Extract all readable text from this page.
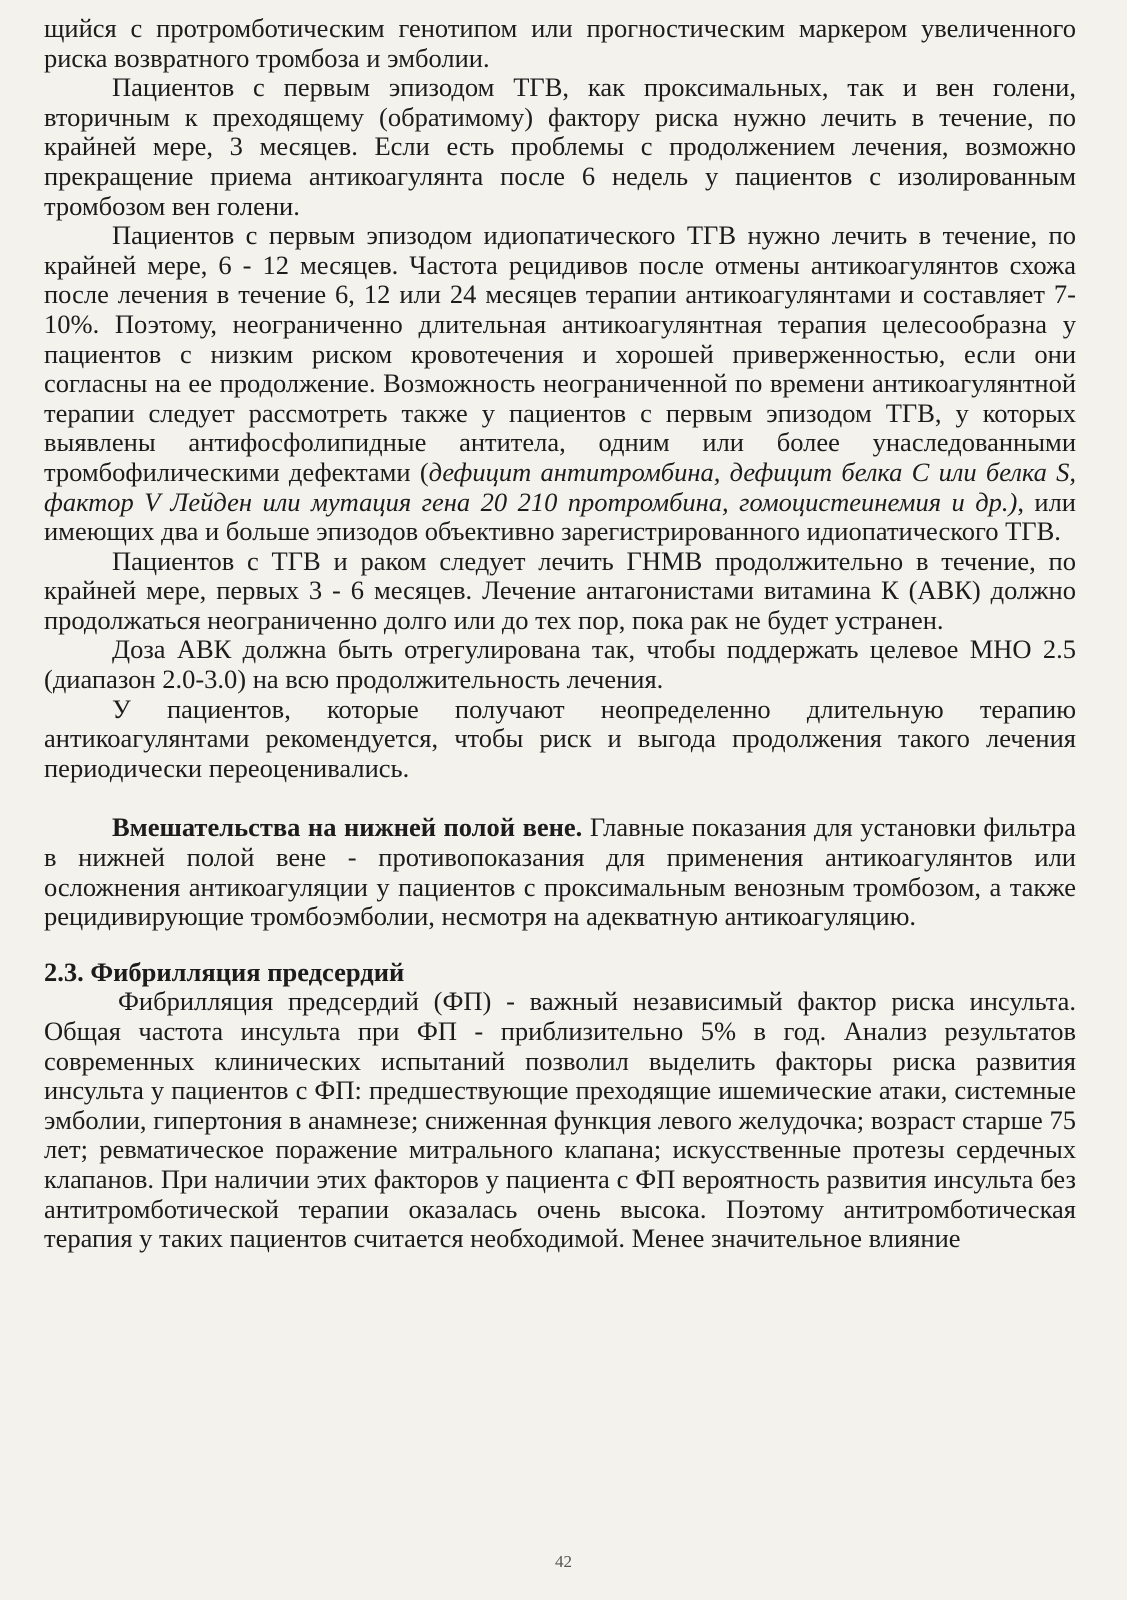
щийся с протромботическим генотипом или прогностическим маркером увеличенного риска возвратного тромбоза и эмболии.

Пациентов с первым эпизодом ТГВ, как проксимальных, так и вен голени, вторичным к преходящему (обратимому) фактору риска нужно лечить в течение, по крайней мере, 3 месяцев. Если есть проблемы с продолжением лечения, возможно прекращение приема антикоагулянта после 6 недель у пациентов с изолированным тромбозом вен голени.

Пациентов с первым эпизодом идиопатического ТГВ нужно лечить в течение, по крайней мере, 6 - 12 месяцев. Частота рецидивов после отмены антикоагулянтов схожа после лечения в течение 6, 12 или 24 месяцев терапии антикоагулянтами и составляет 7-10%. Поэтому, неограниченно длительная антикоагулянтная терапия целесообразна у пациентов с низким риском кровотечения и хорошей приверженностью, если они согласны на ее продолжение. Возможность неограниченной по времени антикоагулянтной терапии следует рассмотреть также у пациентов с первым эпизодом ТГВ, у которых выявлены антифосфолипидные антитела, одним или более унаследованными тромбофилическими дефектами (дефицит антитромбина, дефицит белка C или белка S, фактор V Лейден или мутация гена 20 210 протромбина, гомоцистеинемия и др.), или имеющих два и больше эпизодов объективно зарегистрированного идиопатического ТГВ.

Пациентов с ТГВ и раком следует лечить ГНМВ продолжительно в течение, по крайней мере, первых 3 - 6 месяцев. Лечение антагонистами витамина К (АВК) должно продолжаться неограниченно долго или до тех пор, пока рак не будет устранен.

Доза АВК должна быть отрегулирована так, чтобы поддержать целевое МНО 2.5 (диапазон 2.0-3.0) на всю продолжительность лечения.

У пациентов, которые получают неопределенно длительную терапию антикоагулянтами рекомендуется, чтобы риск и выгода продолжения такого лечения периодически переоценивались.

Вмешательства на нижней полой вене. Главные показания для установки фильтра в нижней полой вене - противопоказания для применения антикоагулянтов или осложнения антикоагуляции у пациентов с проксимальным венозным тромбозом, а также рецидивирующие тромбоэмболии, несмотря на адекватную антикоагуляцию.

2.3. Фибрилляция предсердий

Фибрилляция предсердий (ФП) - важный независимый фактор риска инсульта. Общая частота инсульта при ФП - приблизительно 5% в год. Анализ результатов современных клинических испытаний позволил выделить факторы риска развития инсульта у пациентов с ФП: предшествующие преходящие ишемические атаки, системные эмболии, гипертония в анамнезе; сниженная функция левого желудочка; возраст старше 75 лет; ревматическое поражение митрального клапана; искусственные протезы сердечных клапанов. При наличии этих факторов у пациента с ФП вероятность развития инсульта без антитромботической терапии оказалась очень высока. Поэтому антитромботическая терапия у таких пациентов считается необходимой. Менее значительное влияние

42
